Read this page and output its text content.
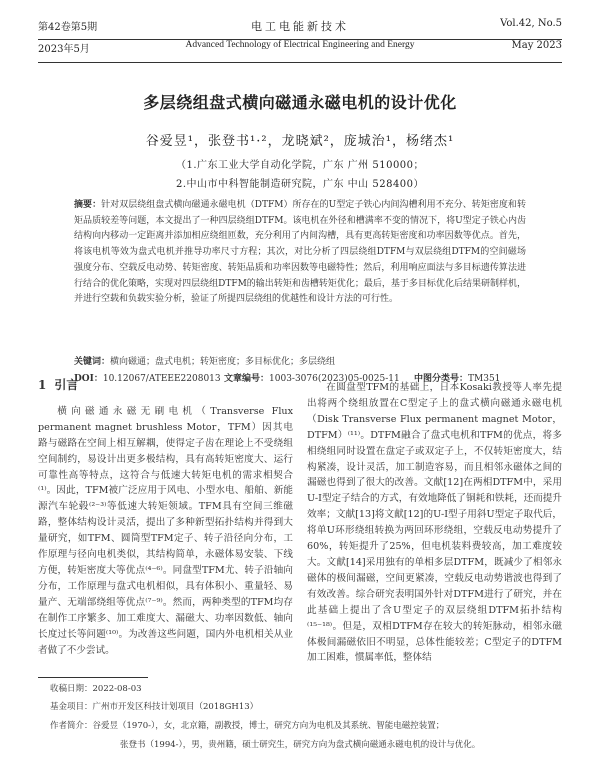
第42卷第5期
2023年5月
电工电能新技术
Advanced Technology of Electrical Engineering and Energy
Vol.42, No.5
May 2023
多层绕组盘式横向磁通永磁电机的设计优化
谷爱昱¹，张登书¹·²，龙晓斌²，庞城治¹，杨绪杰¹
（1.广东工业大学自动化学院，广东 广州 510000；
2.中山市中科智能制造研究院，广东 中山 528400）
摘要：针对双层绕组盘式横向磁通永磁电机（DTFM）所存在的U型定子铁心内间沟槽利用不充分、转矩密度和转矩品质较差等问题，本文提出了一种四层绕组DTFM。该电机在外径和槽满率不变的情况下，将U型定子铁心内齿结构向内移动一定距离并添加相应绕组匝数，充分利用了内间沟槽，具有更高转矩密度和功率因数等优点。首先，将该电机等效为盘式电机并推导功率尺寸方程；其次，对比分析了四层绕组DTFM与双层绕组DTFM的空间磁场强度分布、空载反电动势、转矩密度、转矩品质和功率因数等电磁特性；然后，利用响应面法与多目标遗传算法进行结合的优化策略，实现对四层绕组DTFM的输出转矩和齿槽转矩优化；最后，基于多目标优化后结果研制样机，并进行空载和负载实验分析，验证了所提四层绕组的优越性和设计方法的可行性。
关键词：横向磁通；盘式电机；转矩密度；多目标优化；多层绕组
DOI：10.12067/ATEEE2208013 文章编号：1003-3076(2023)05-0025-11 中图分类号：TM351
1 引言

横向磁通永磁无刷电机（Transverse Flux permanent magnet brushless Motor，TFM）因其电路与磁路在空间上相互解耦，使得定子齿在理论上不受绕组空间制约，易设计出更多极结构，具有高转矩密度大、运行可靠性高等特点，这符合与低速大转矩电机的需求相契合⁽¹⁾。因此，TFM被广泛应用于风电、小型水电、船舶、新能源汽车轮毂⁽²⁻³⁾等低速大转矩领域。TFM具有空间三维磁路，整体结构设计灵活，提出了多种新型拓扑结构并得到大量研究，如TFM、圆筒型TFM定子、转子沿径向分布，工作原理与径向电机类似，其结构简单，永磁体易安装、下线方便，转矩密度大等优点⁽⁴⁻⁶⁾。同盘型TFM尤、转子沿轴向分布，工作原理与盘式电机相似，具有体积小、重量轻、易量产、无端部绕组等优点⁽⁷⁻⁹⁾。然而，两种类型的TFM均存在制作工序繁多、加工难度大、漏磁大、功率因数低、轴向长度过长等问题⁽¹⁰⁾。为改善这些问题，国内外电机相关从业者做了不少尝试。

在圆盘型TFM的基础上，日本Kosaki教授等人率先提出将两个绕组放置在C型定子上的盘式横向磁通永磁电机（Disk Transverse Flux permanent magnet Motor，DTFM）⁽¹¹⁾。DTFM融合了盘式电机和TFM的优点，将多相绕组同时设置在盘定子或双定子上，不仅转矩密度大，结构紧凑，设计灵活，加工制造容易，而且相邻永磁体之间的漏磁也得到了很大的改善。文献[12]在两相DTFM中，采用U-I型定子结合的方式，有效地降低了铜耗和铁耗，还而提升效率；文献[13]将文献[12]的U-I型子用斜U型定子取代后，将单U环形绕组转换为两回环形绕组，空载反电动势提升了60%，转矩提升了25%，但电机装料费较高，加工难度较大。文献[14]采用独有的单相多层DTFM，既减少了相邻永磁体的极间漏磁，空间更紧凑，空载反电动势谐波也得到了有效改善。综合研究表明国外针对DTFM进行了研究，并在此基础上提出了含U型定子的双层绕组DTFM拓扑结构⁽¹⁵⁻¹⁸⁾。但是，双相DTFM存在较大的转矩脉动，相邻永磁体极间漏磁依旧不明显，总体性能较差；C型定子的DTFM加工困难，惯属率低，整体结

收稿日期：2022-08-03
基金项目：广州市开发区科技计划项目（2018GH13）
作者简介：谷爱昱（1970-），女，北京籍，副教授，博士，研究方向为电机及其系统、智能电磁控装置；
张登书（1994-），男，贵州籍，硕士研究生，研究方向为盘式横向磁通永磁电机的设计与优化。
